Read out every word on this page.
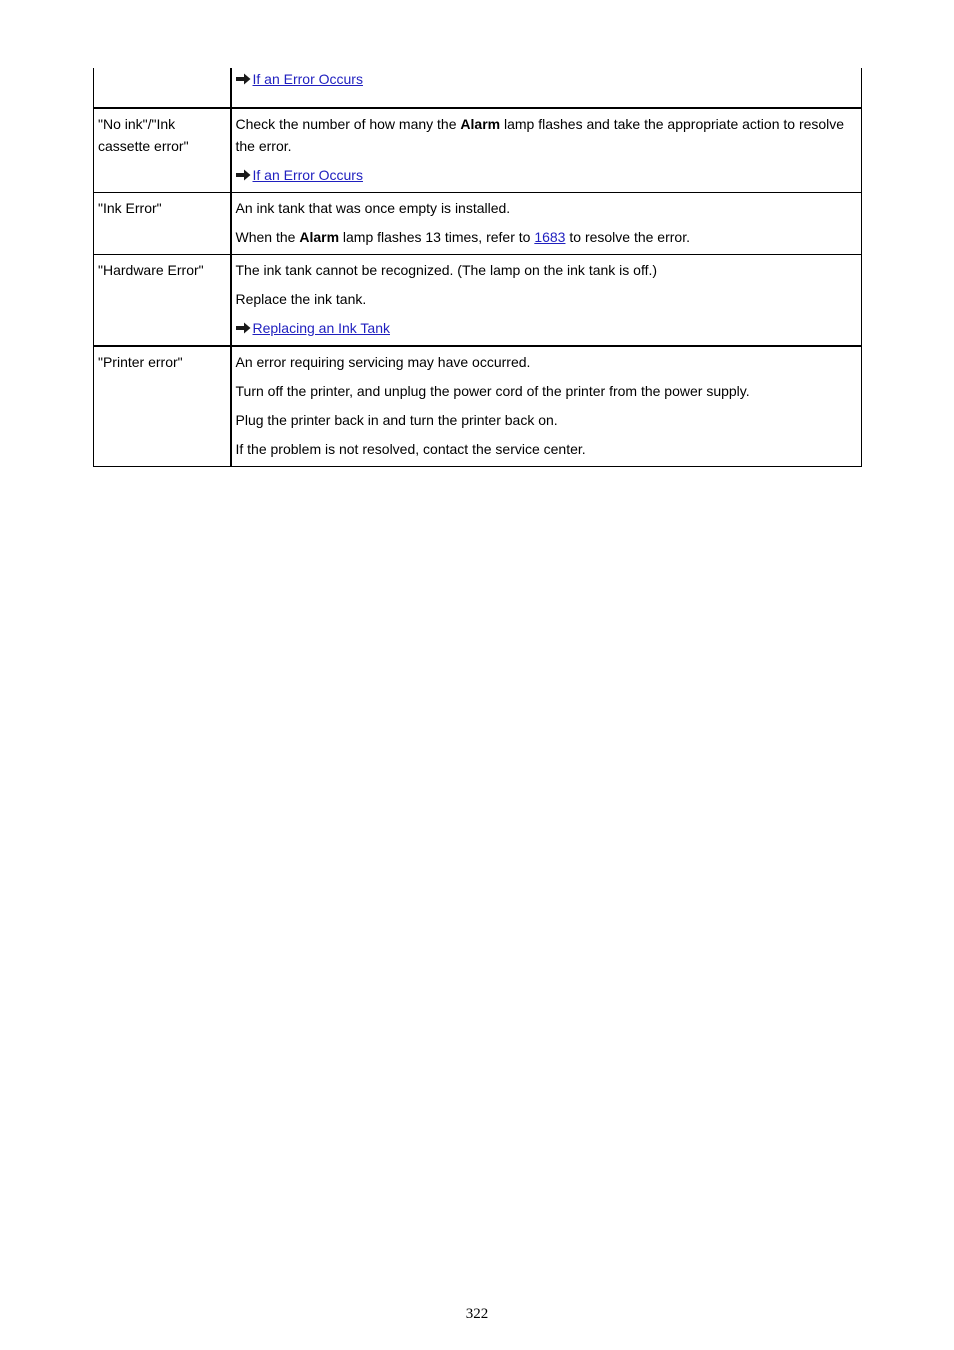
	If an Error Occurs

"No ink"/"Ink cassette error"	Check the number of how many the Alarm lamp flashes and take the appropriate action to resolve the error.
If an Error Occurs

"Ink Error"	An ink tank that was once empty is installed.
When the Alarm lamp flashes 13 times, refer to 1683 to resolve the error.

"Hardware Error"	The ink tank cannot be recognized. (The lamp on the ink tank is off.)
Replace the ink tank.
Replacing an Ink Tank

"Printer error"	An error requiring servicing may have occurred.
Turn off the printer, and unplug the power cord of the printer from the power supply.
Plug the printer back in and turn the printer back on.
If the problem is not resolved, contact the service center.
322
